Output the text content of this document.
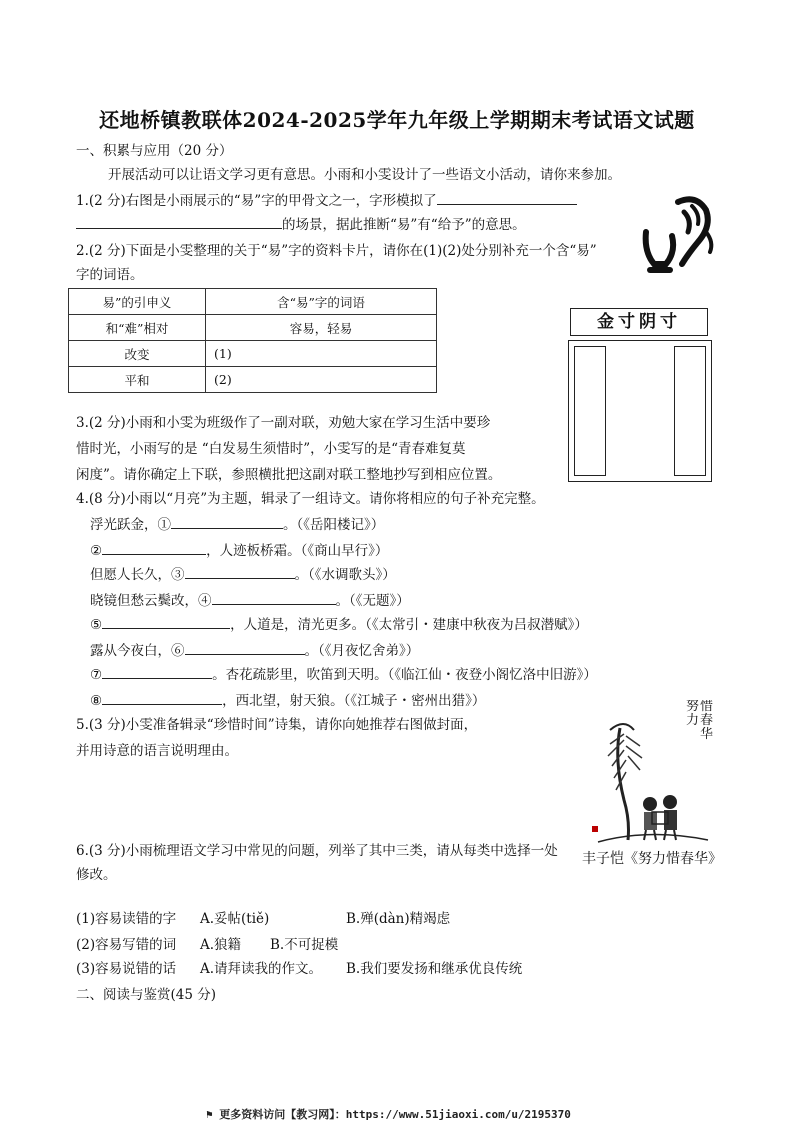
还地桥镇教联体2024-2025学年九年级上学期期末考试语文试题
一、积累与应用（20 分）
开展活动可以让语文学习更有意思。小雨和小雯设计了一些语文小活动，请你来参加。
1.(2 分)右图是小雨展示的“易”字的甲骨文之一，字形模拟了
的场景，据此推断“易”有“给予”的意思。
2.(2 分)下面是小雯整理的关于“易”字的资料卡片，请你在(1)(2)处分别补充一个含“易”
字的词语。
易”的引申义	含“易”字的词语
和“难”相对	容易，轻易
改变	(1)
平和	(2)
金寸阴寸
3.(2 分)小雨和小雯为班级作了一副对联，劝勉大家在学习生活中要珍
惜时光，小雨写的是 “白发易生须惜时”，小雯写的是“青春难复莫
闲度”。请你确定上下联，参照横批把这副对联工整地抄写到相应位置。
4.(8 分)小雨以“月亮”为主题，辑录了一组诗文。请你将相应的句子补充完整。
浮光跃金，①	。（《岳阳楼记》）
②	，人迹板桥霜。（《商山早行》）
但愿人长久，③	。（《水调歌头》）
晓镜但愁云鬓改，④	。（《无题》）
⑤	，人道是，清光更多。（《太常引・建康中秋夜为吕叔潜赋》）
露从今夜白，⑥	。（《月夜忆舍弟》）
⑦	。杏花疏影里，吹笛到天明。（《临江仙・夜登小阁忆洛中旧游》）
⑧	，西北望，射天狼。（《江城子・密州出猎》）
5.(3 分)小雯准备辑录“珍惜时间”诗集，请你向她推荐右图做封面，
并用诗意的语言说明理由。
努力惜春华
丰子恺《努力惜春华》
6.(3 分)小雨梳理语文学习中常见的问题，列举了其中三类，请从每类中选择一处
修改。
(1)容易读错的字 A.妥帖(tiě)	B.殚(dàn)精竭虑
(2)容易写错的词 A.狼籍 B.不可捉模
(3)容易说错的话 A.请拜读我的作文。 B.我们要发扬和继承优良传统
二、阅读与鉴赏(45 分)
⚑ 更多资料访问【教习网】：https://www.51jiaoxi.com/u/2195370
